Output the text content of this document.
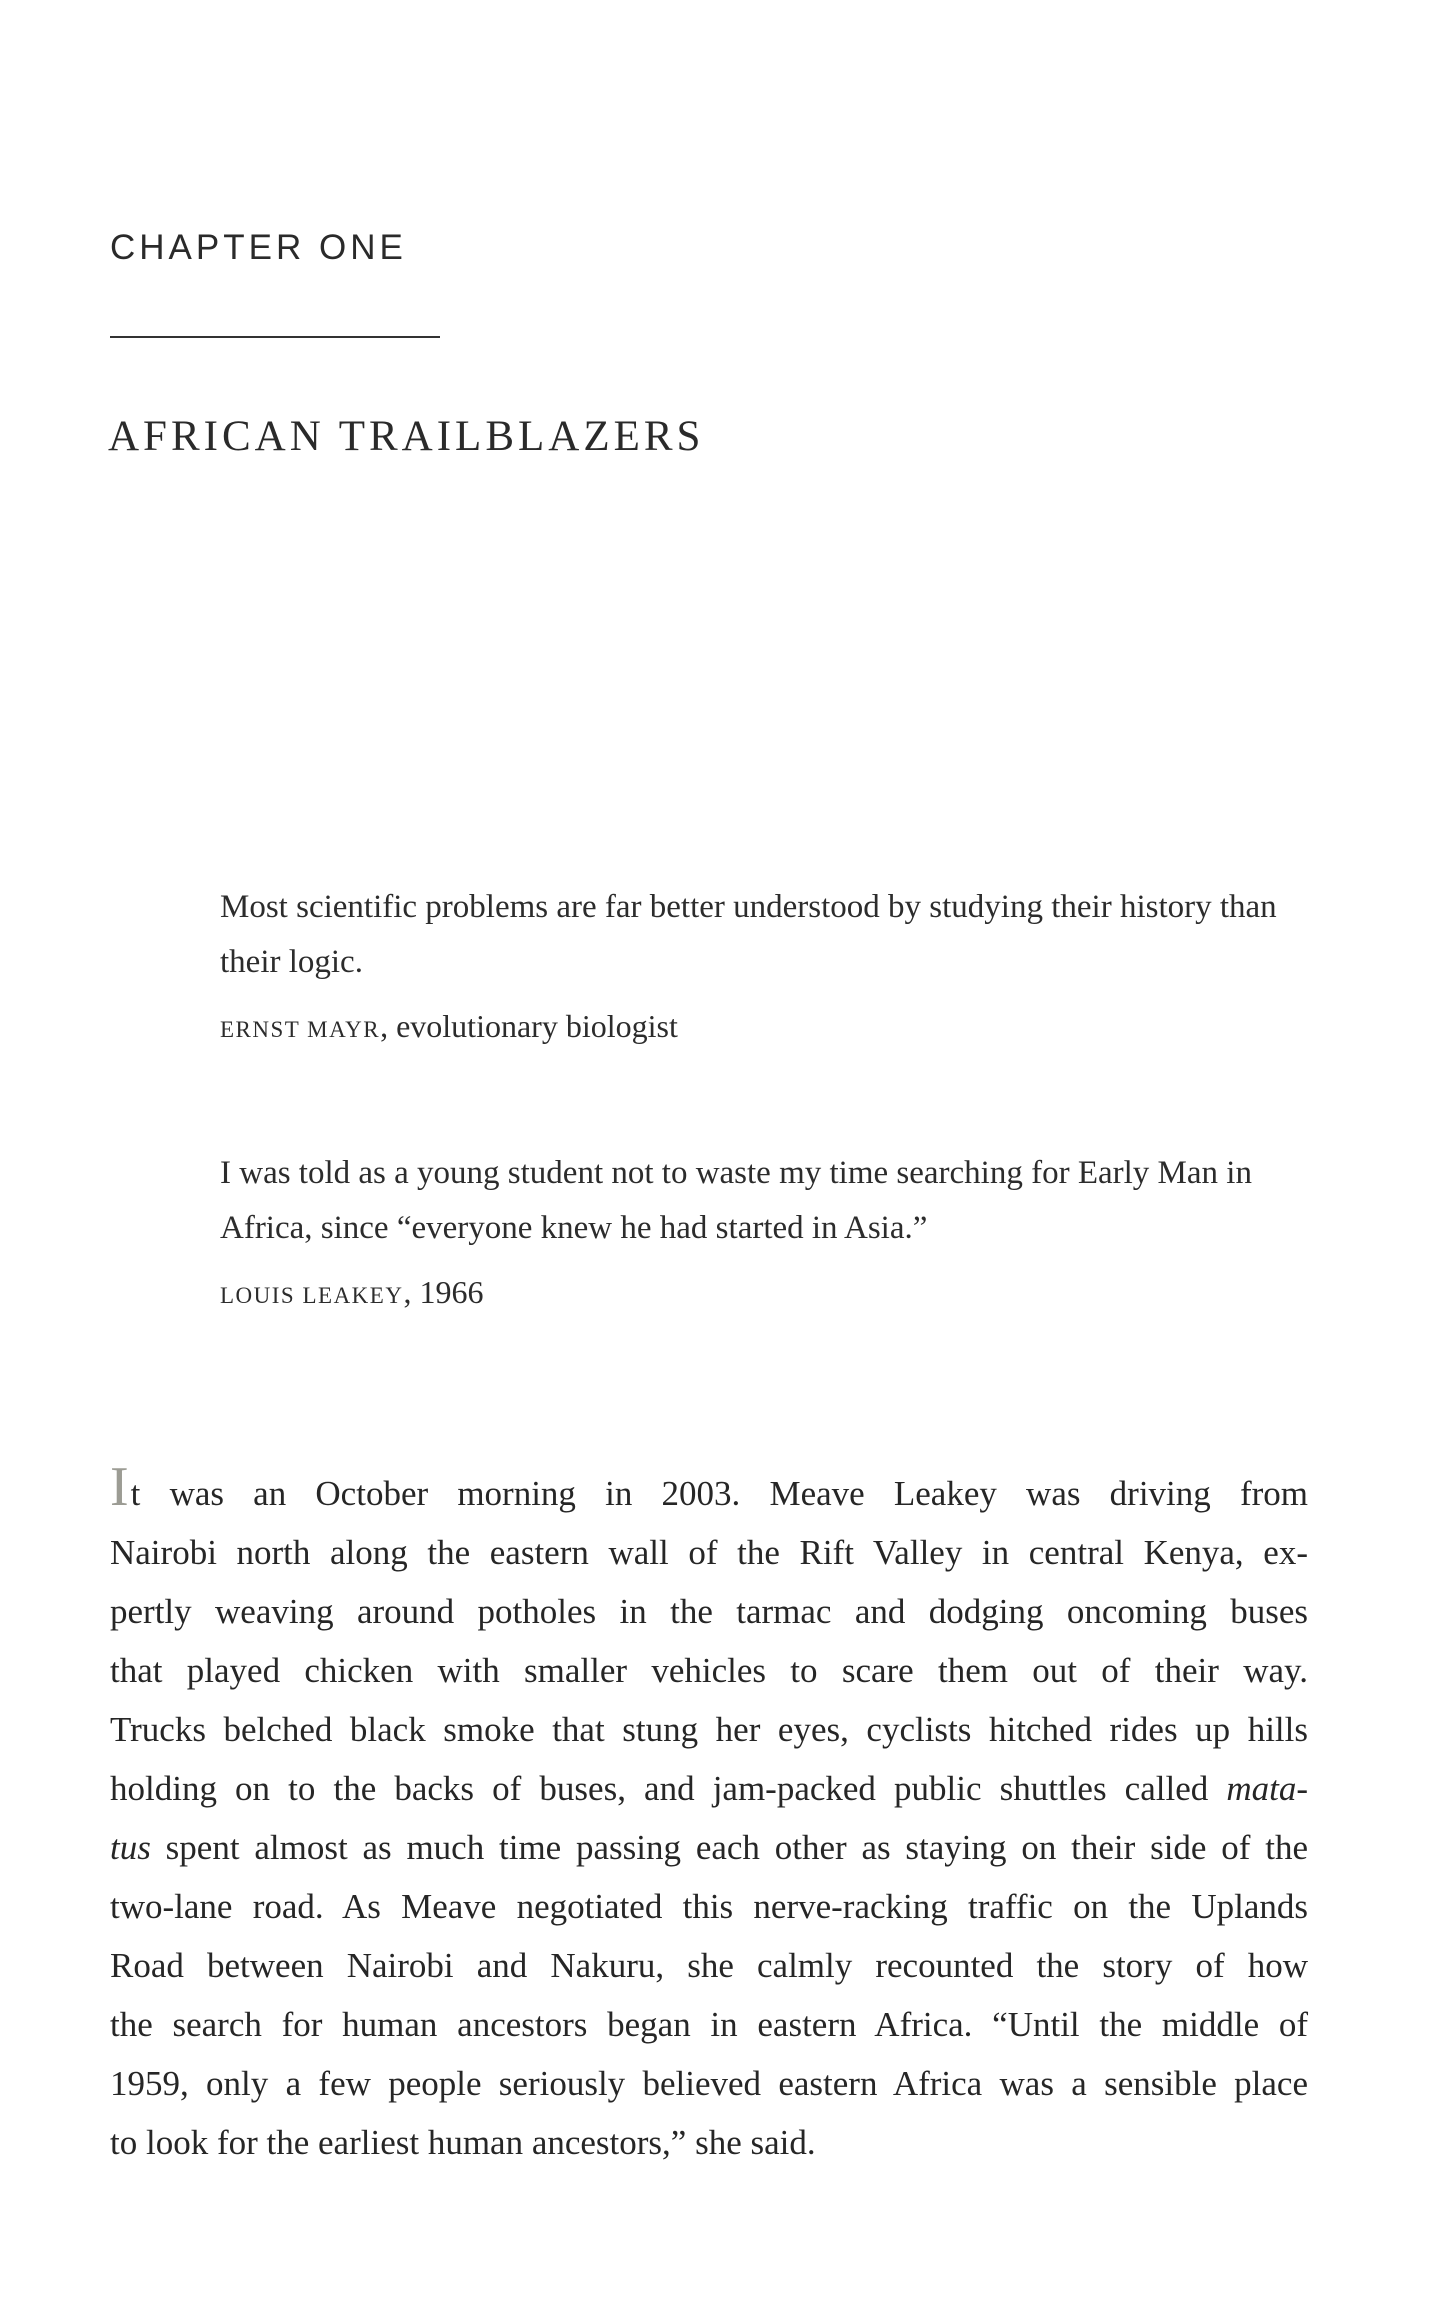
CHAPTER ONE
AFRICAN TRAILBLAZERS
Most scientific problems are far better understood by studying their history than their logic.
ERNST MAYR, evolutionary biologist
I was told as a young student not to waste my time searching for Early Man in Africa, since “everyone knew he had started in Asia.”
LOUIS LEAKEY, 1966
It was an October morning in 2003. Meave Leakey was driving from
Nairobi north along the eastern wall of the Rift Valley in central Kenya, ex-
pertly weaving around potholes in the tarmac and dodging oncoming buses
that played chicken with smaller vehicles to scare them out of their way.
Trucks belched black smoke that stung her eyes, cyclists hitched rides up hills
holding on to the backs of buses, and jam-packed public shuttles called mata-
tus spent almost as much time passing each other as staying on their side of the
two-lane road. As Meave negotiated this nerve-racking traffic on the Uplands
Road between Nairobi and Nakuru, she calmly recounted the story of how
the search for human ancestors began in eastern Africa. “Until the middle of
1959, only a few people seriously believed eastern Africa was a sensible place
to look for the earliest human ancestors,” she said.
